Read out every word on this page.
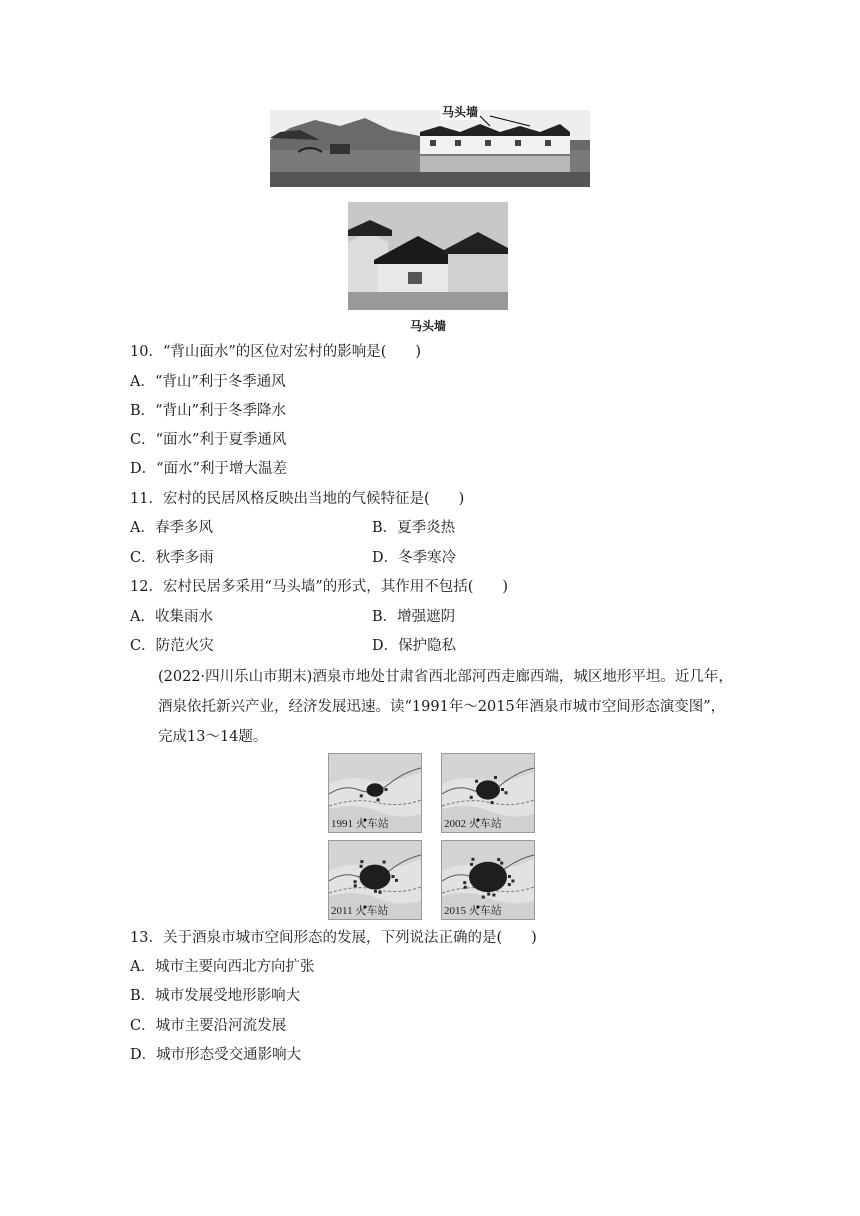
马头墙
马头墙
10．“背山面水”的区位对宏村的影响是(　　)
A．“背山”利于冬季通风
B．“背山”利于冬季降水
C．“面水”利于夏季通风
D．“面水”利于增大温差
11．宏村的民居风格反映出当地的气候特征是(　　)
A．春季多风	B．夏季炎热
C．秋季多雨	D．冬季寒冷
12．宏村民居多采用“马头墙”的形式，其作用不包括(　　)
A．收集雨水	B．增强遮阴
C．防范火灾	D．保护隐私
(2022·四川乐山市期末)酒泉市地处甘肃省西北部河西走廊西端，城区地形平坦。近几年，酒泉依托新兴产业，经济发展迅速。读“1991年～2015年酒泉市城市空间形态演变图”，完成13～14题。
1991 火车站	2002 火车站
2011 火车站	2015 火车站
13．关于酒泉市城市空间形态的发展，下列说法正确的是(　　)
A．城市主要向西北方向扩张
B．城市发展受地形影响大
C．城市主要沿河流发展
D．城市形态受交通影响大
